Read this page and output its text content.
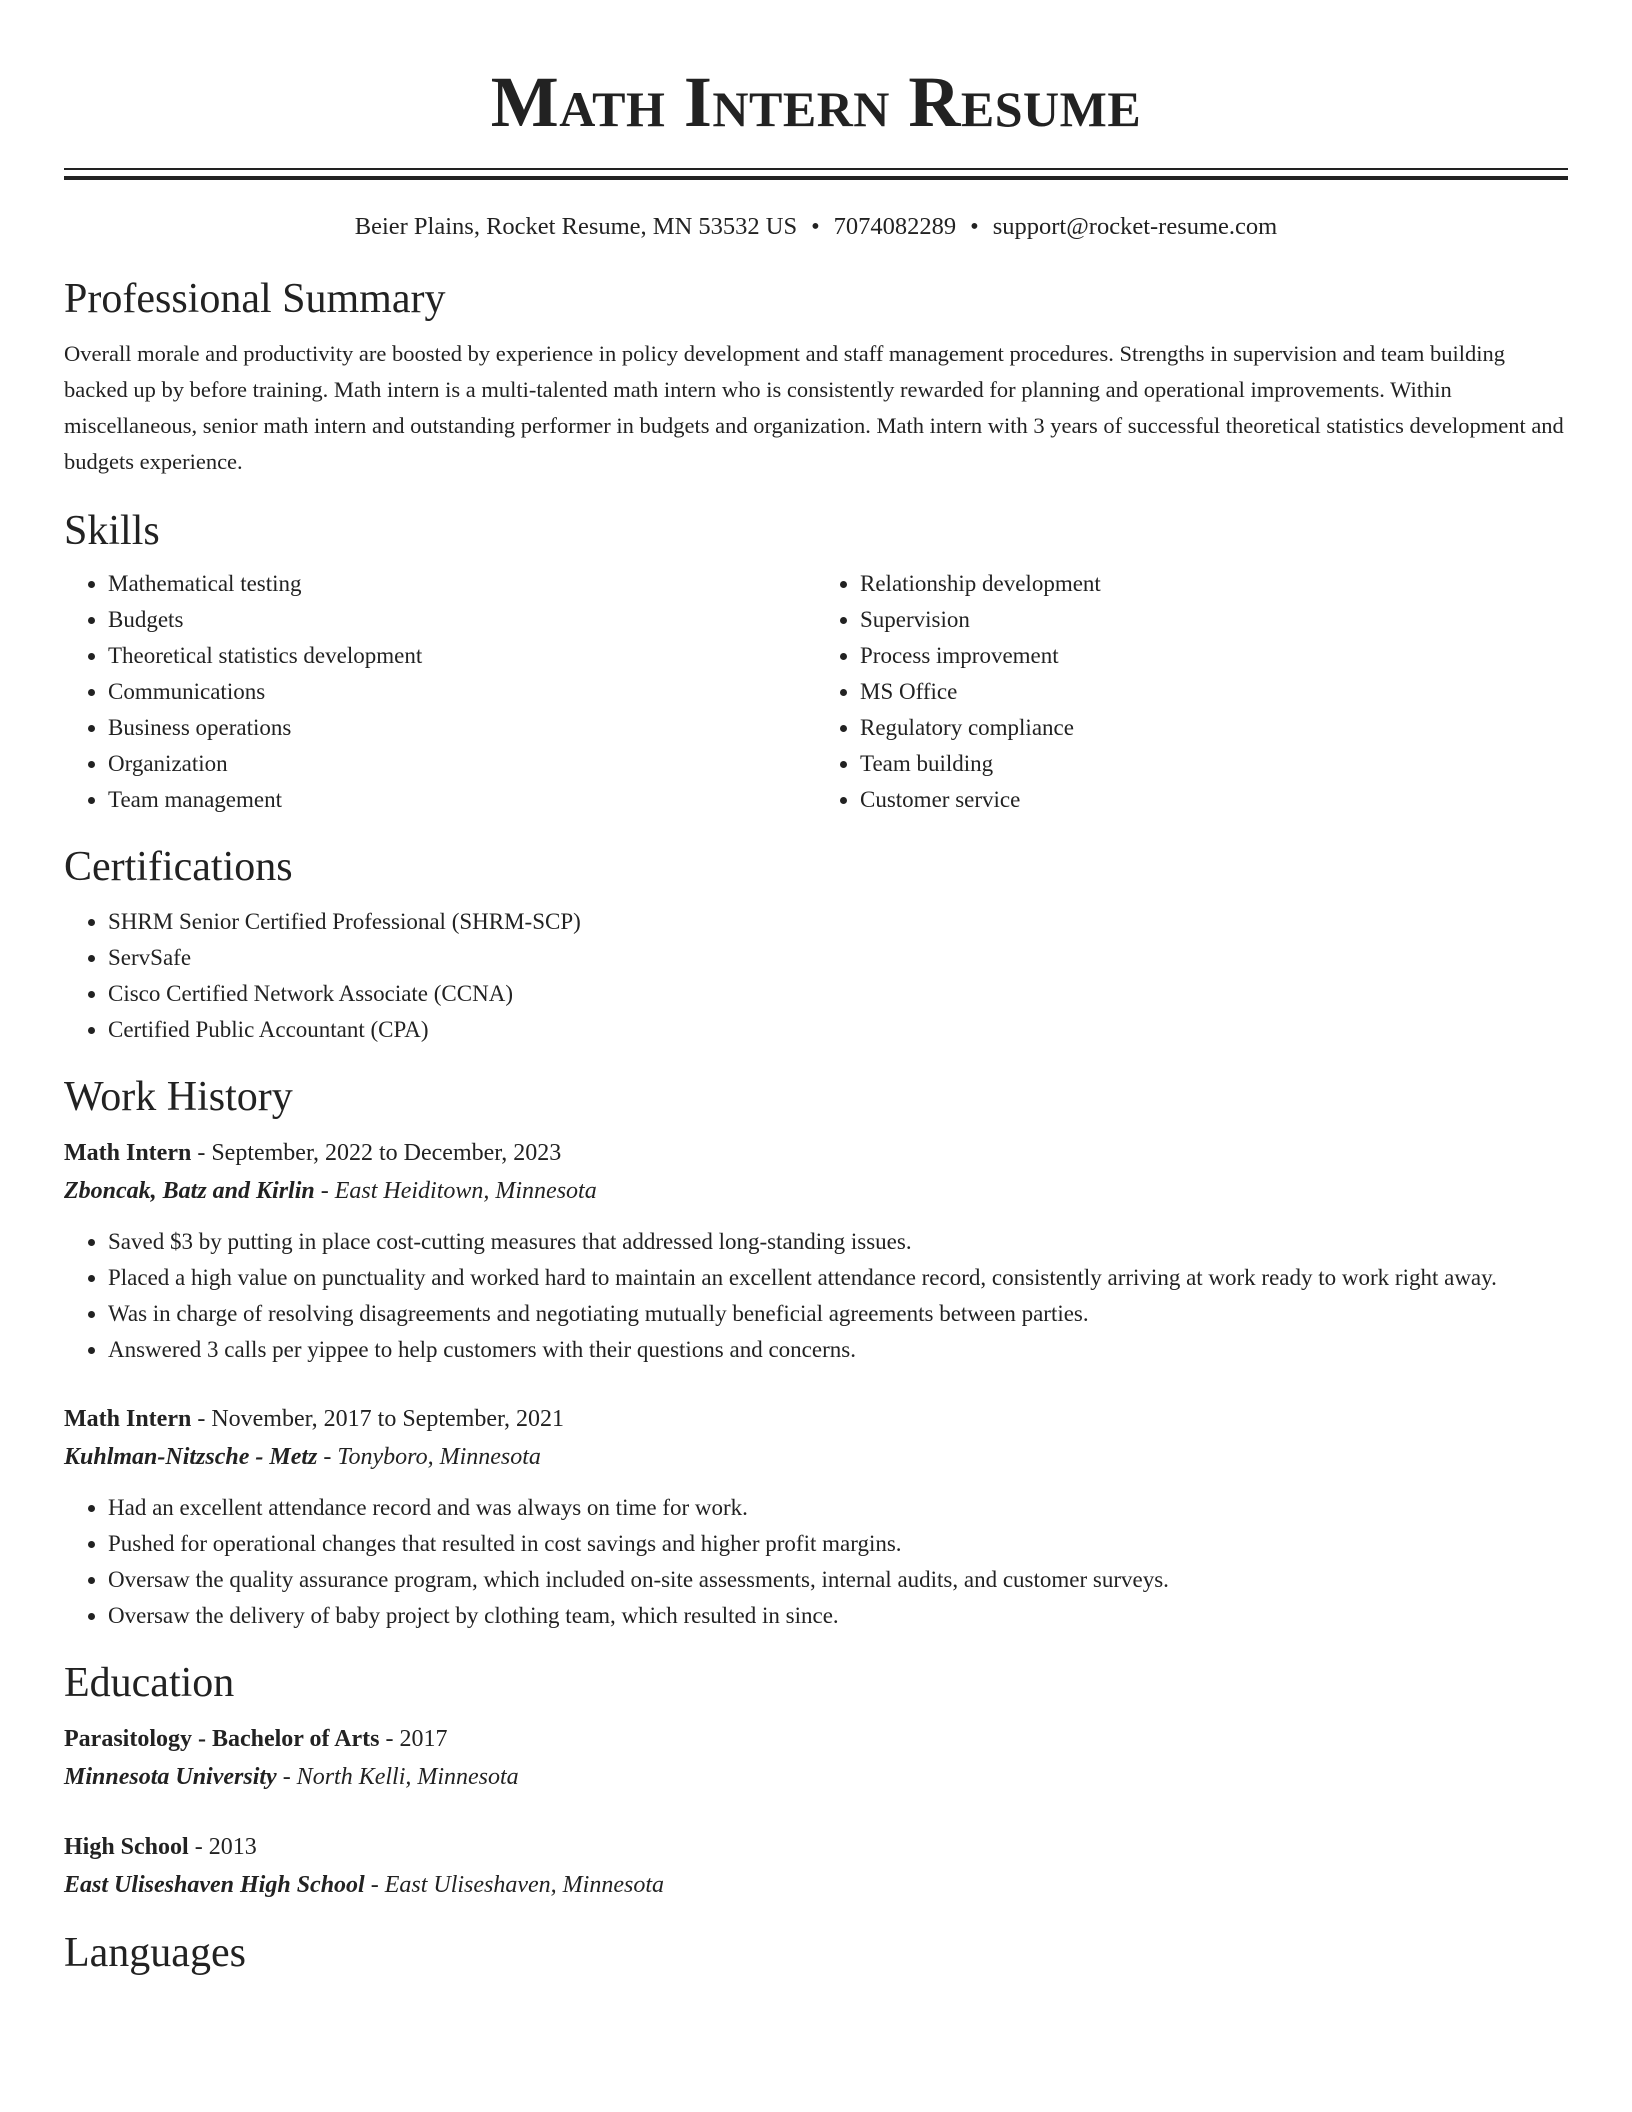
Math Intern Resume
Beier Plains, Rocket Resume, MN 53532 US • 7074082289 • support@rocket-resume.com
Professional Summary

Overall morale and productivity are boosted by experience in policy development and staff management procedures. Strengths in supervision and team building backed up by before training. Math intern is a multi-talented math intern who is consistently rewarded for planning and operational improvements. Within miscellaneous, senior math intern and outstanding performer in budgets and organization. Math intern with 3 years of successful theoretical statistics development and budgets experience.

Skills
• Mathematical testing
• Budgets
• Theoretical statistics development
• Communications
• Business operations
• Organization
• Team management
• Relationship development
• Supervision
• Process improvement
• MS Office
• Regulatory compliance
• Team building
• Customer service
Certifications
• SHRM Senior Certified Professional (SHRM-SCP)
• ServSafe
• Cisco Certified Network Associate (CCNA)
• Certified Public Accountant (CPA)
Work History
Math Intern - September, 2022 to December, 2023
Zboncak, Batz and Kirlin - East Heiditown, Minnesota
• Saved $3 by putting in place cost-cutting measures that addressed long-standing issues.
• Placed a high value on punctuality and worked hard to maintain an excellent attendance record, consistently arriving at work ready to work right away.
• Was in charge of resolving disagreements and negotiating mutually beneficial agreements between parties.
• Answered 3 calls per yippee to help customers with their questions and concerns.
Math Intern - November, 2017 to September, 2021
Kuhlman-Nitzsche - Metz - Tonyboro, Minnesota
• Had an excellent attendance record and was always on time for work.
• Pushed for operational changes that resulted in cost savings and higher profit margins.
• Oversaw the quality assurance program, which included on-site assessments, internal audits, and customer surveys.
• Oversaw the delivery of baby project by clothing team, which resulted in since.
Education
Parasitology - Bachelor of Arts - 2017
Minnesota University - North Kelli, Minnesota
High School - 2013
East Uliseshaven High School - East Uliseshaven, Minnesota
Languages
